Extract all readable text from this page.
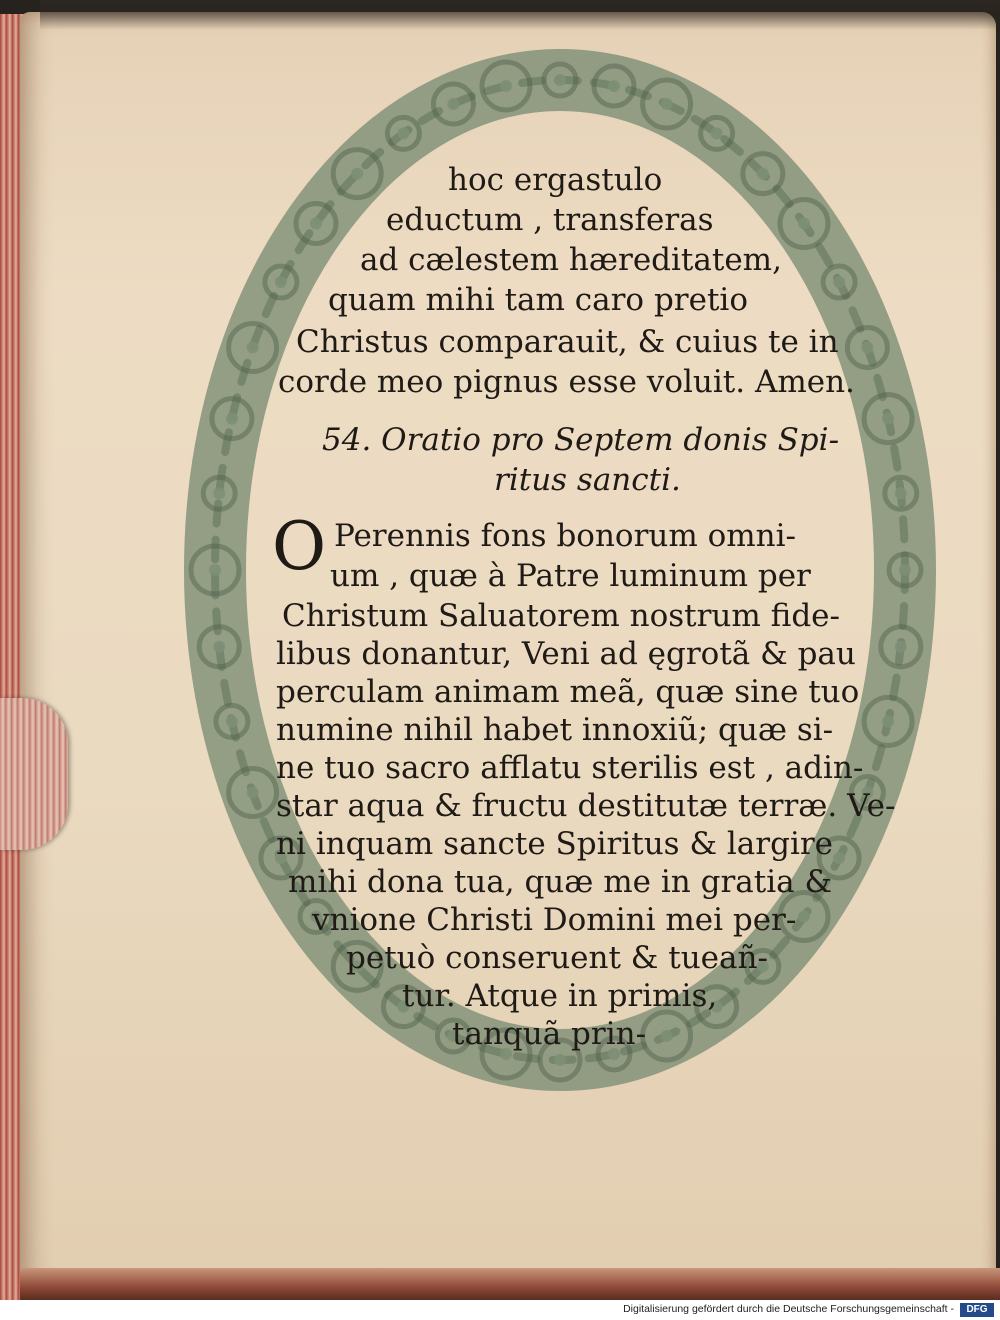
hoc ergastulo
eductum , transferas
ad cælestem hæreditatem,
quam mihi tam caro pretio
Christus comparauit, & cuius te in
corde meo pignus esse voluit. Amen.
54. Oratio pro Septem donis Spi-
ritus sancti.
O Perennis fons bonorum omni-
um , quæ à Patre luminum per
Christum Saluatorem nostrum fide-
libus donantur, Veni ad ęgrotã & pau
perculam animam meã, quæ sine tuo
numine nihil habet innoxiũ; quæ si-
ne tuo sacro afflatu sterilis est , adin-
star aqua & fructu destitutæ terræ. Ve-
ni inquam sancte Spiritus & largire
mihi dona tua, quæ me in gratia &
vnione Christi Domini mei per-
petuò conseruent & tueañ-
tur. Atque in primis,
tanquã prin-
Digitalisierung gefördert durch die Deutsche Forschungsgemeinschaft -	DFG
